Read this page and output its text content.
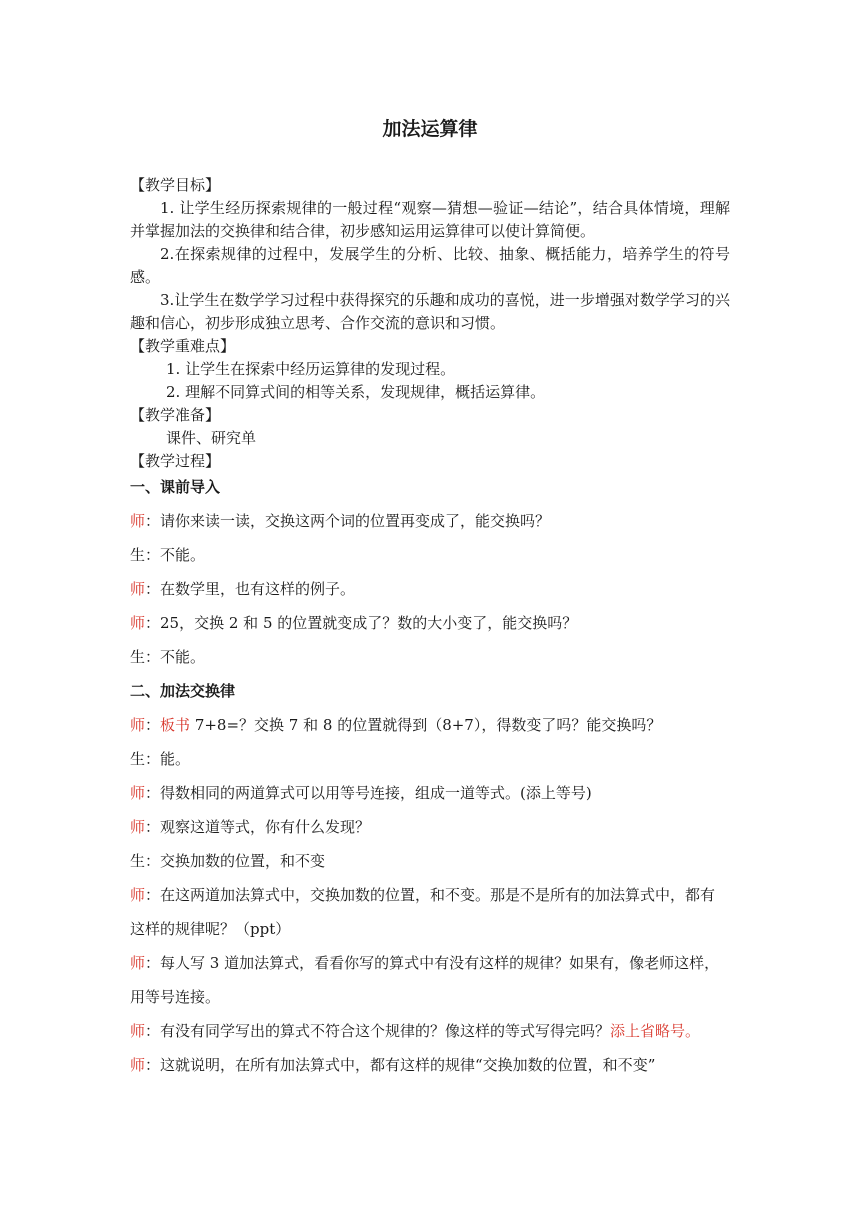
加法运算律
【教学目标】
1. 让学生经历探索规律的一般过程“观察—猜想—验证—结论”，结合具体情境，理解并掌握加法的交换律和结合律，初步感知运用运算律可以使计算简便。
2.在探索规律的过程中，发展学生的分析、比较、抽象、概括能力，培养学生的符号感。
3.让学生在数学学习过程中获得探究的乐趣和成功的喜悦，进一步增强对数学学习的兴趣和信心，初步形成独立思考、合作交流的意识和习惯。
【教学重难点】
1. 让学生在探索中经历运算律的发现过程。
2. 理解不同算式间的相等关系，发现规律，概括运算律。
【教学准备】
课件、研究单
【教学过程】
一、课前导入
师：请你来读一读，交换这两个词的位置再变成了，能交换吗？
生：不能。
师：在数学里，也有这样的例子。
师：25，交换 2 和 5 的位置就变成了？数的大小变了，能交换吗？
生：不能。
二、加法交换律
师：板书 7+8=？交换 7 和 8 的位置就得到（8+7），得数变了吗？能交换吗？
生：能。
师：得数相同的两道算式可以用等号连接，组成一道等式。(添上等号)
师：观察这道等式，你有什么发现？
生：交换加数的位置，和不变
师：在这两道加法算式中，交换加数的位置，和不变。那是不是所有的加法算式中，都有这样的规律呢？（ppt）
师：每人写 3 道加法算式，看看你写的算式中有没有这样的规律？如果有，像老师这样，用等号连接。
师：有没有同学写出的算式不符合这个规律的？像这样的等式写得完吗？添上省略号。
师：这就说明，在所有加法算式中，都有这样的规律“交换加数的位置，和不变”
